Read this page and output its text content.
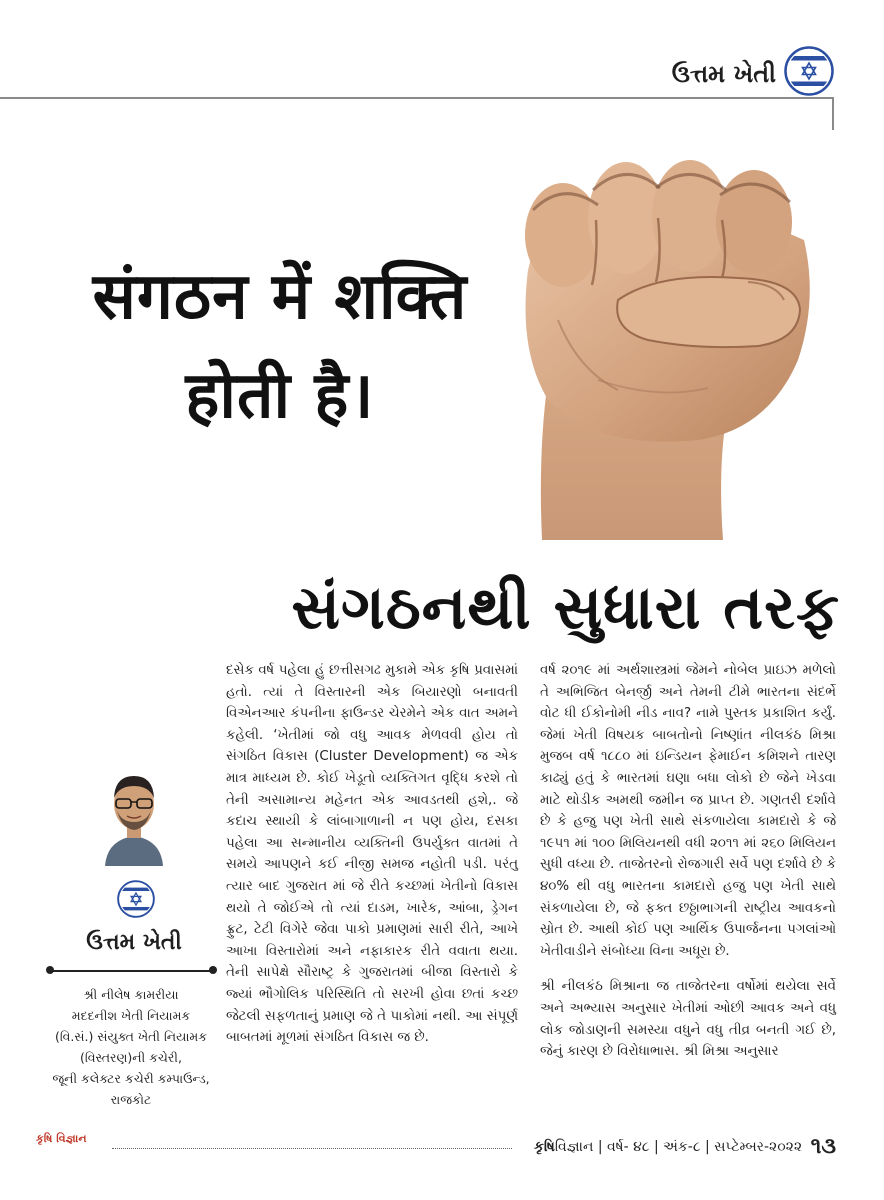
ઉત્તમ ખેતી
संगठन में शक्ति
होती है।
સંગઠનથી સુધારા તરફ
ઉત્તમ ખેતી
શ્રી નીલેષ કામરીયા
મદદનીશ ખેતી નિયામક
(વિ.સં.) સંયુક્ત ખેતી નિયામક
(વિસ્તરણ)ની કચેરી,
જૂની કલેક્ટર કચેરી કમ્પાઉન્ડ,
રાજકોટ

દસેક વર્ષ પહેલા હું છત્તીસગઢ મુકામે એક કૃષિ પ્રવાસમાં હતો. ત્યાં તે વિસ્તારની એક બિયારણો બનાવતી વિએનઆર કંપનીના ફાઉન્ડર ચેરમેને એક વાત અમને કહેલી. ‘ખેતીમાં જો વધુ આવક મેળવવી હોય તો સંગઠિત વિકાસ (Cluster Development) જ એક માત્ર માધ્યમ છે. કોઈ ખેડૂતો વ્યક્તિગત વૃદ્ધિ કરશે તો તેની અસામાન્ય મહેનત એક આવડતથી હશે,. જે કદાચ સ્થાયી કે લાંબાગાળાની ન પણ હોય, દસકા પહેલા આ સન્માનીય વ્યક્તિની ઉપર્યુક્ત વાતમાં તે સમયે આપણને કઈ નીજી સમજ નહોતી પડી. પરંતુ ત્યાર બાદ ગુજરાત માં જે રીતે કચ્છમાં ખેતીનો વિકાસ થયો તે જોઈએ તો ત્યાં દાડમ, ખારેક, આંબા, ડ્રેગન ફ્રુટ, ટેટી વિગેરે જેવા પાકો પ્રમાણમાં સારી રીતે, આખે આખા વિસ્તારોમાં અને નફાકારક રીતે વવાતા થયા. તેની સાપેક્ષે સૌરાષ્ટ્ર કે ગુજરાતમાં બીજા વિસ્તારો કે જ્યાં ભૌગોલિક પરિસ્થિતિ તો સરખી હોવા છતાં કચ્છ જેટલી સફળતાનું પ્રમાણ જે તે પાકોમાં નથી. આ સંપૂર્ણ બાબતમાં મૂળમાં સંગઠિત વિકાસ જ છે.

વર્ષ ૨૦૧૯ માં અર્થશાસ્ત્રમાં જેમને નોબેલ પ્રાઇઝ મળેલો તે અભિજિત બેનર્જી અને તેમની ટીમે ભારતના સંદર્ભે વોટ ધી ઈકોનોમી નીડ નાવ? નામે પુસ્તક પ્રકાશિત કર્યું. જેમાં ખેતી વિષયક બાબતોનો નિષ્ણાંત નીલકંઠ મિશ્રા મુજબ વર્ષ ૧૮૮૦ માં ઇન્ડિયન ફેમાઈન કમિશને તારણ કાઢ્યું હતું કે ભારતમાં ઘણા બધા લોકો છે જેને ખેડવા માટે થોડીક અમથી જમીન જ પ્રાપ્ત છે. ગણતરી દર્શાવે છે કે હજુ પણ ખેતી સાથે સંકળાયેલા કામદારો કે જે ૧૯૫૧ માં ૧૦૦ મિલિયનથી વધી ૨૦૧૧ માં ૨૬૦ મિલિયન સુધી વધ્યા છે. તાજેતરનો રોજગારી સર્વે પણ દર્શાવે છે કે ૪૦% થી વધુ ભારતના કામદારો હજુ પણ ખેતી સાથે સંકળાયેલા છે, જે ફક્ત છઠ્ઠાભાગની રાષ્ટ્રીય આવકનો સ્રોત છે. આથી કોઈ પણ આર્થિક ઉપાર્જનના પગલાંઓ ખેતીવાડીને સંબોધ્યા વિના અધૂરા છે.

શ્રી નીલકંઠ મિશ્રાના જ તાજેતરના વર્ષોમાં થયેલા સર્વે અને અભ્યાસ અનુસાર ખેતીમાં ઓછી આવક અને વધુ લોક જોડાણની સમસ્યા વધુને વધુ તીવ્ર બનતી ગઈ છે, જેનું કારણ છે વિરોધાભાસ. શ્રી મિશ્રા અનુસાર

કૃષિ વિજ્ઞાન
કૃષિવિજ્ઞાન | વર્ષ- ૪૮ | અંક-૮ | સપ્ટેમ્બર-૨૦૨૨ ૧૩
